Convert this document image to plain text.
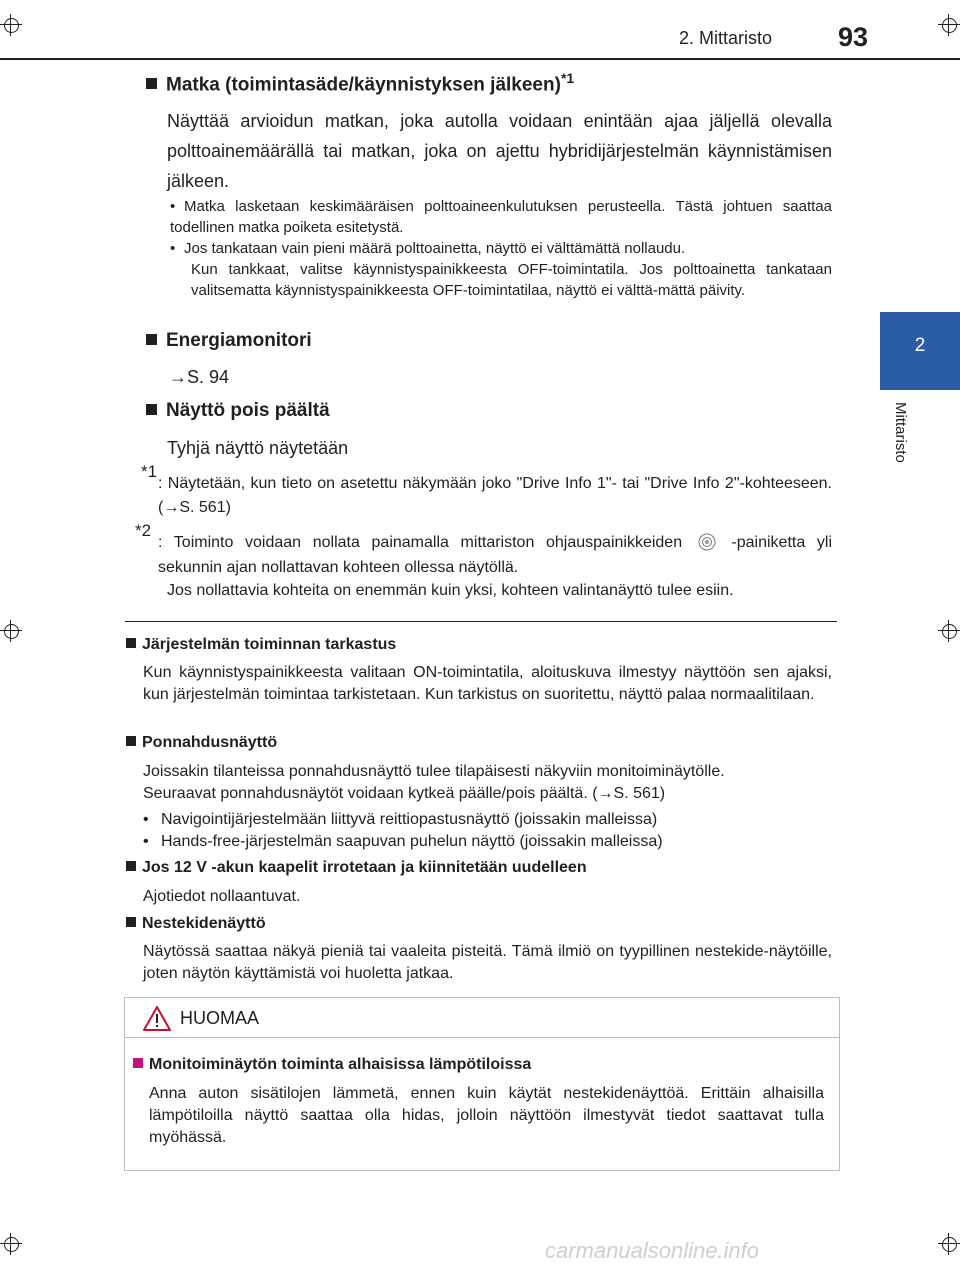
2. Mittaristo 93
2
Mittaristo
Matka (toimintasäde/käynnistyksen jälkeen)$^{*1}$
Näyttää arvioidun matkan, joka autolla voidaan enintään ajaa jäljellä olevalla polttoainemäärällä tai matkan, joka on ajettu hybridijärjestelmän käynnistämisen jälkeen.
• Matka lasketaan keskimääräisen polttoaineenkulutuksen perusteella. Tästä johtuen saattaa todellinen matka poiketa esitetystä.
• Jos tankataan vain pieni määrä polttoainetta, näyttö ei välttämättä nollaudu.
Kun tankkaat, valitse käynnistyspainikkeesta OFF-toimintatila. Jos polttoainetta tankataan valitsematta käynnistyspainikkeesta OFF-toimintatilaa, näyttö ei välttä-mättä päivity.
Energiamonitori
→S. 94
Näyttö pois päältä
Tyhjä näyttö näytetään
*1
: Näytetään, kun tieto on asetettu näkymään joko "Drive Info 1"- tai "Drive Info 2"-kohteeseen. (→S. 561)
*2
: Toiminto voidaan nollata painamalla mittariston ohjauspainikkeiden	-painiketta yli sekunnin ajan nollattavan kohteen ollessa näytöllä.
Jos nollattavia kohteita on enemmän kuin yksi, kohteen valintanäyttö tulee esiin.
Järjestelmän toiminnan tarkastus
Kun käynnistyspainikkeesta valitaan ON-toimintatila, aloituskuva ilmestyy näyttöön sen ajaksi, kun järjestelmän toimintaa tarkistetaan. Kun tarkistus on suoritettu, näyttö palaa normaalitilaan.
Ponnahdusnäyttö
Joissakin tilanteissa ponnahdusnäyttö tulee tilapäisesti näkyviin monitoiminäytölle.
Seuraavat ponnahdusnäytöt voidaan kytkeä päälle/pois päältä. (→S. 561)
• Navigointijärjestelmään liittyvä reittiopastusnäyttö (joissakin malleissa)
• Hands-free-järjestelmän saapuvan puhelun näyttö (joissakin malleissa)
Jos 12 V -akun kaapelit irrotetaan ja kiinnitetään uudelleen
Ajotiedot nollaantuvat.
Nestekidenäyttö
Näytössä saattaa näkyä pieniä tai vaaleita pisteitä. Tämä ilmiö on tyypillinen nestekide-näytöille, joten näytön käyttämistä voi huoletta jatkaa.
HUOMAA
Monitoiminäytön toiminta alhaisissa lämpötiloissa
Anna auton sisätilojen lämmetä, ennen kuin käytät nestekidenäyttöä. Erittäin alhaisilla lämpötiloilla näyttö saattaa olla hidas, jolloin näyttöön ilmestyvät tiedot saattavat tulla myöhässä.
carmanualsonline.info
